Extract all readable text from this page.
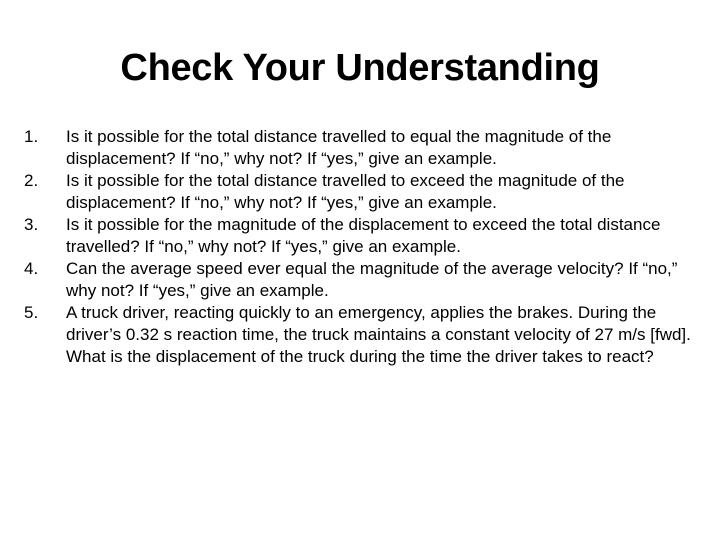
Check Your Understanding
1.	Is it possible for the total distance travelled to equal the magnitude of the displacement? If “no,” why not? If “yes,” give an example.
2.	Is it possible for the total distance travelled to exceed the magnitude of the displacement? If “no,” why not? If “yes,” give an example.
3.	Is it possible for the magnitude of the displacement to exceed the total distance travelled? If “no,” why not? If “yes,” give an example.
4.	Can the average speed ever equal the magnitude of the average velocity? If “no,” why not? If “yes,” give an example.
5.	A truck driver, reacting quickly to an emergency, applies the brakes. During the driver’s 0.32 s reaction time, the truck maintains a constant velocity of 27 m/s [fwd]. What is the displacement of the truck during the time the driver takes to react?
